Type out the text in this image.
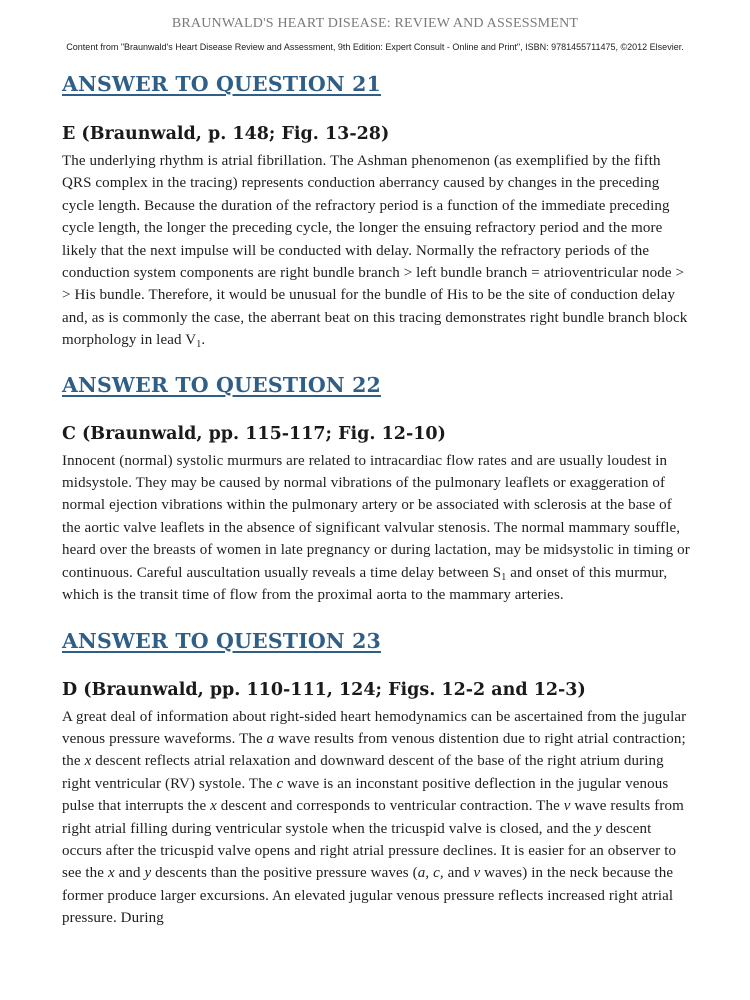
BRAUNWALD'S HEART DISEASE: REVIEW AND ASSESSMENT
Content from "Braunwald's Heart Disease Review and Assessment, 9th Edition: Expert Consult - Online and Print", ISBN: 9781455711475, ©2012 Elsevier.
ANSWER TO QUESTION 21

E (Braunwald, p. 148; Fig. 13-28)

The underlying rhythm is atrial fibrillation. The Ashman phenomenon (as exemplified by the fifth QRS complex in the tracing) represents conduction aberrancy caused by changes in the preceding cycle length. Because the duration of the refractory period is a function of the immediate preceding cycle length, the longer the preceding cycle, the longer the ensuing refractory period and the more likely that the next impulse will be conducted with delay. Normally the refractory periods of the conduction system components are right bundle branch > left bundle branch = atrioventricular node > > His bundle. Therefore, it would be unusual for the bundle of His to be the site of conduction delay and, as is commonly the case, the aberrant beat on this tracing demonstrates right bundle branch block morphology in lead $V_1$.

ANSWER TO QUESTION 22

C (Braunwald, pp. 115-117; Fig. 12-10)

Innocent (normal) systolic murmurs are related to intracardiac flow rates and are usually loudest in midsystole. They may be caused by normal vibrations of the pulmonary leaflets or exaggeration of normal ejection vibrations within the pulmonary artery or be associated with sclerosis at the base of the aortic valve leaflets in the absence of significant valvular stenosis. The normal mammary souffle, heard over the breasts of women in late pregnancy or during lactation, may be midsystolic in timing or continuous. Careful auscultation usually reveals a time delay between $S_1$ and onset of this murmur, which is the transit time of flow from the proximal aorta to the mammary arteries.

ANSWER TO QUESTION 23

D (Braunwald, pp. 110-111, 124; Figs. 12-2 and 12-3)

A great deal of information about right-sided heart hemodynamics can be ascertained from the jugular venous pressure waveforms. The a wave results from venous distention due to right atrial contraction; the x descent reflects atrial relaxation and downward descent of the base of the right atrium during right ventricular (RV) systole. The c wave is an inconstant positive deflection in the jugular venous pulse that interrupts the x descent and corresponds to ventricular contraction. The v wave results from right atrial filling during ventricular systole when the tricuspid valve is closed, and the y descent occurs after the tricuspid valve opens and right atrial pressure declines. It is easier for an observer to see the x and y descents than the positive pressure waves (a, c, and v waves) in the neck because the former produce larger excursions. An elevated jugular venous pressure reflects increased right atrial pressure. During
